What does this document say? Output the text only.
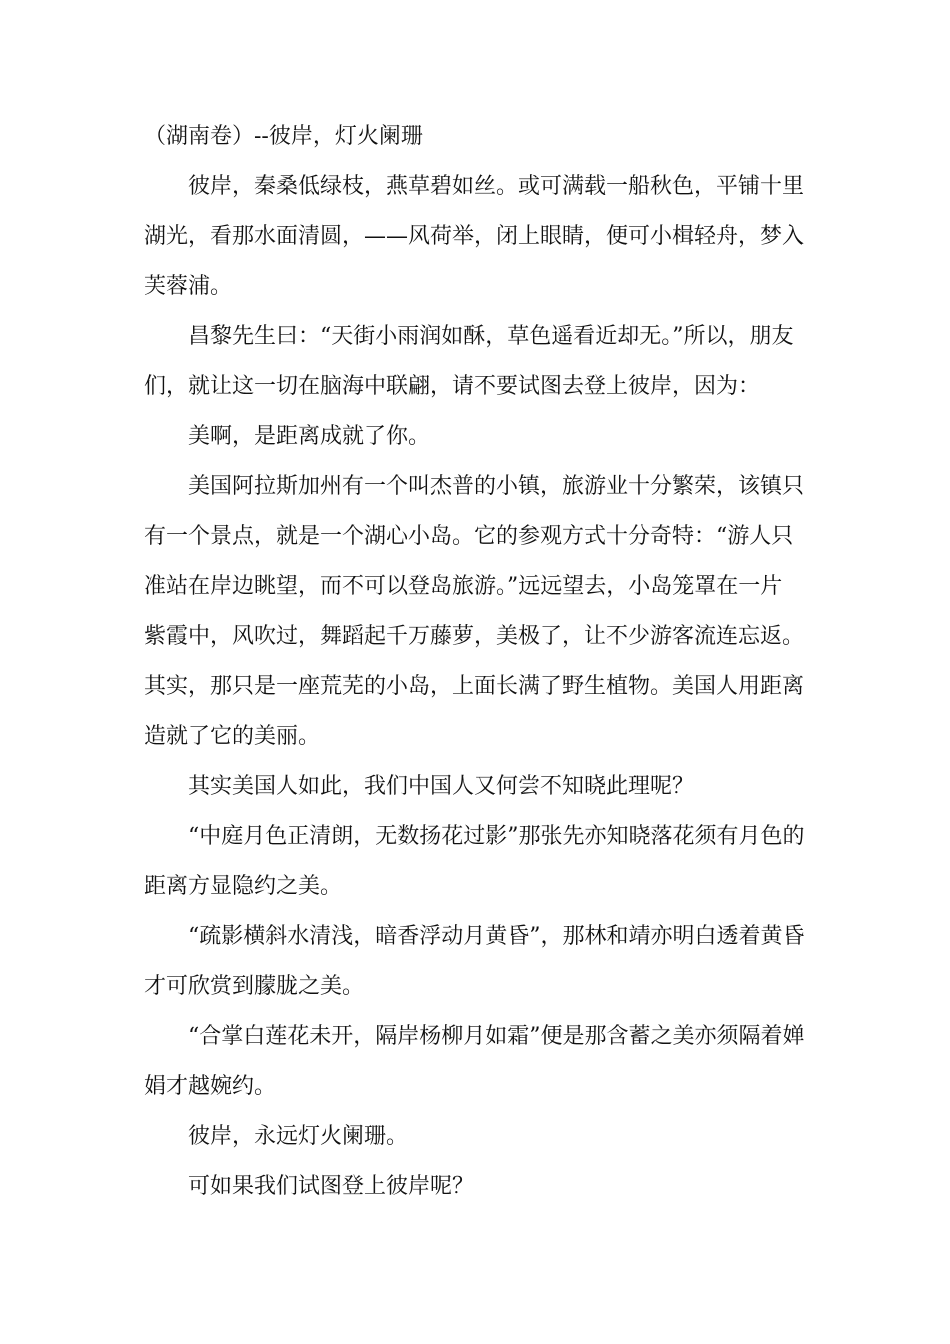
（湖南卷）--彼岸，灯火阑珊

彼岸，秦桑低绿枝，燕草碧如丝。或可满载一船秋色，平铺十里

湖光，看那水面清圆，——风荷举，闭上眼睛，便可小楫轻舟，梦入

芙蓉浦。

昌黎先生曰：“天街小雨润如酥，草色遥看近却无。”所以，朋友

们，就让这一切在脑海中联翩，请不要试图去登上彼岸，因为：

美啊，是距离成就了你。

美国阿拉斯加州有一个叫杰普的小镇，旅游业十分繁荣，该镇只

有一个景点，就是一个湖心小岛。它的参观方式十分奇特：“游人只

准站在岸边眺望，而不可以登岛旅游。”远远望去，小岛笼罩在一片

紫霞中，风吹过，舞蹈起千万藤萝，美极了，让不少游客流连忘返。

其实，那只是一座荒芜的小岛，上面长满了野生植物。美国人用距离

造就了它的美丽。

其实美国人如此，我们中国人又何尝不知晓此理呢？

“中庭月色正清朗，无数扬花过影”那张先亦知晓落花须有月色的

距离方显隐约之美。

“疏影横斜水清浅，暗香浮动月黄昏”，那林和靖亦明白透着黄昏

才可欣赏到朦胧之美。

“合掌白莲花未开，隔岸杨柳月如霜”便是那含蓄之美亦须隔着婵

娟才越婉约。

彼岸，永远灯火阑珊。

可如果我们试图登上彼岸呢？
